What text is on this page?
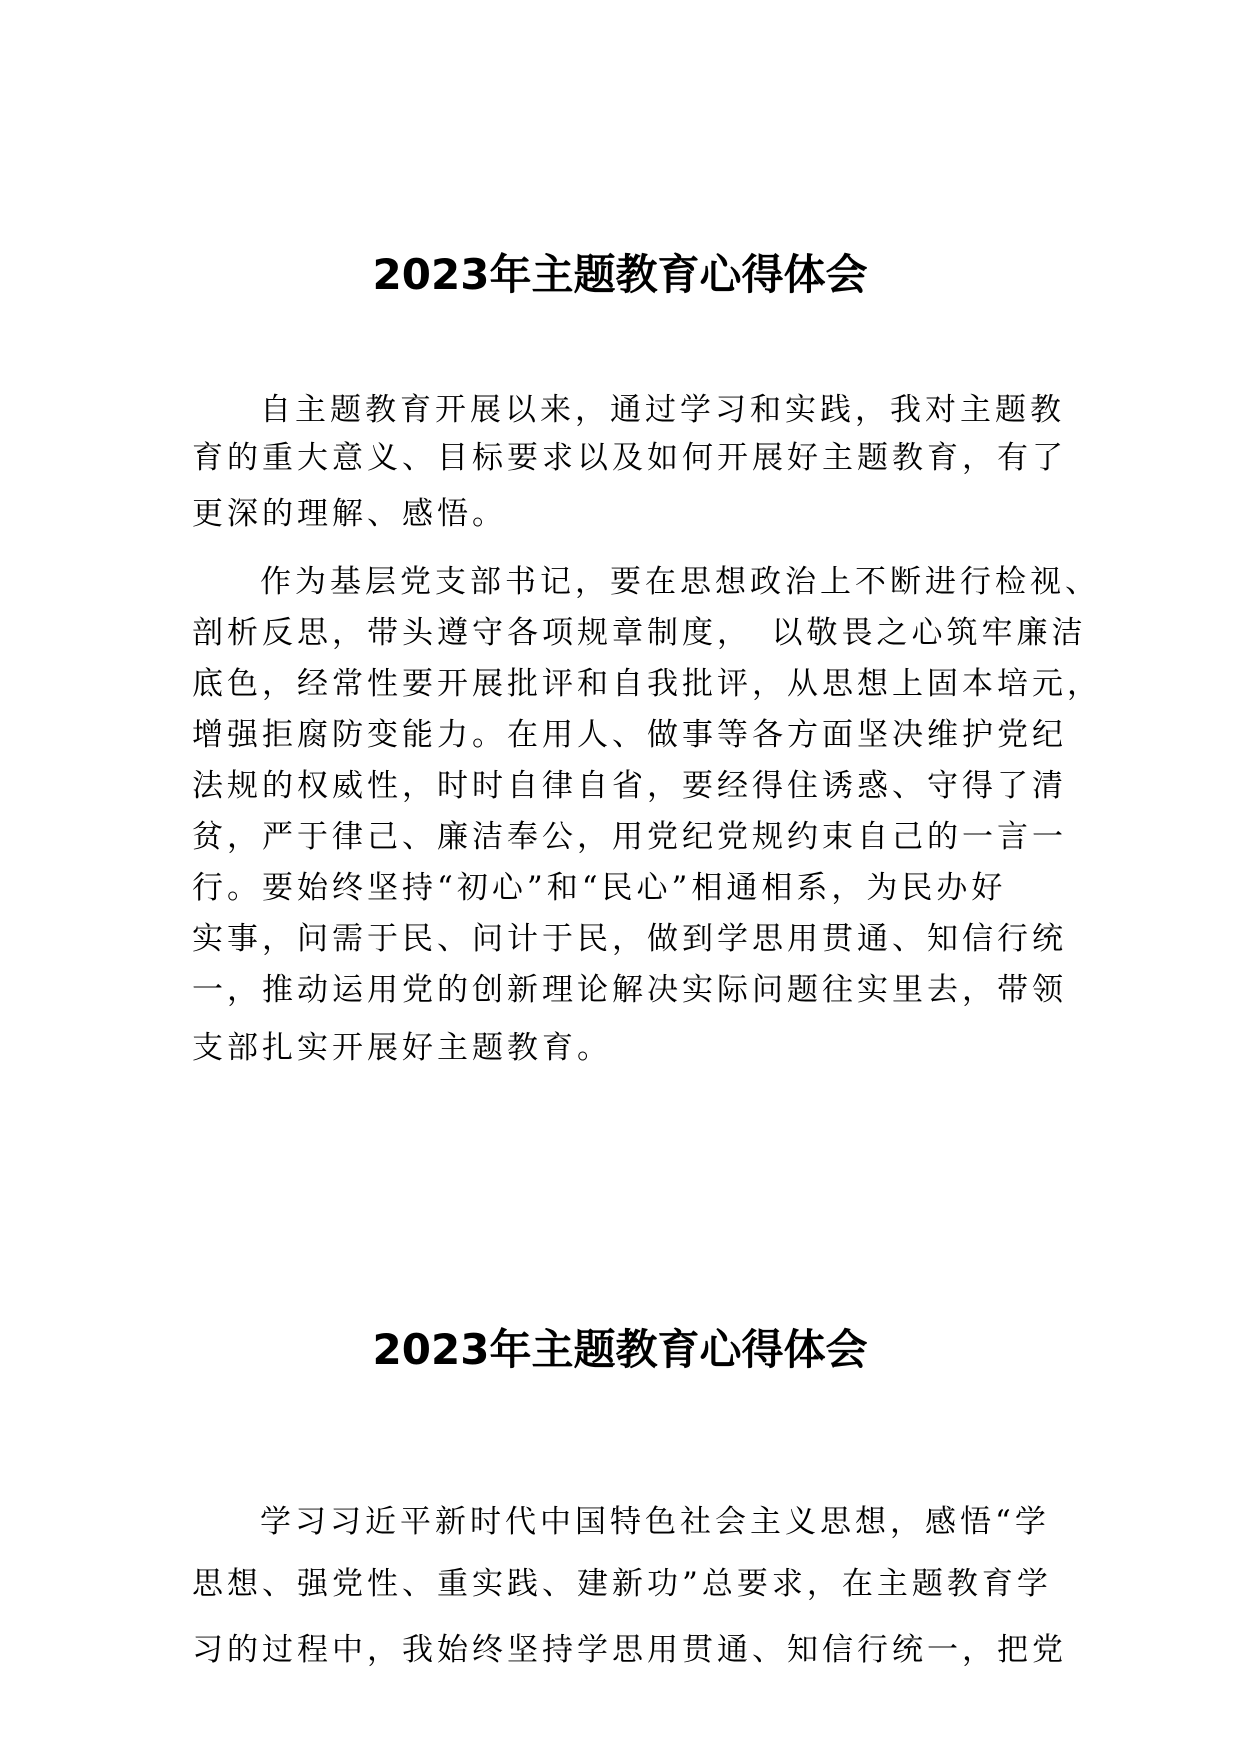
2023年主题教育心得体会
自主题教育开展以来，通过学习和实践，我对主题教
育的重大意义、目标要求以及如何开展好主题教育，有了
更深的理解、感悟。
作为基层党支部书记，要在思想政治上不断进行检视、
剖析反思，带头遵守各项规章制度，　以敬畏之心筑牢廉洁
底色，经常性要开展批评和自我批评，从思想上固本培元，
增强拒腐防变能力。在用人、做事等各方面坚决维护党纪
法规的权威性，时时自律自省，要经得住诱惑、守得了清
贫，严于律己、廉洁奉公，用党纪党规约束自己的一言一
行。要始终坚持“初心”和“民心”相通相系，为民办好
实事，问需于民、问计于民，做到学思用贯通、知信行统
一，推动运用党的创新理论解决实际问题往实里去，带领
支部扎实开展好主题教育。
2023年主题教育心得体会
学习习近平新时代中国特色社会主义思想，感悟“学
思想、强党性、重实践、建新功”总要求，在主题教育学
习的过程中，我始终坚持学思用贯通、知信行统一，把党
